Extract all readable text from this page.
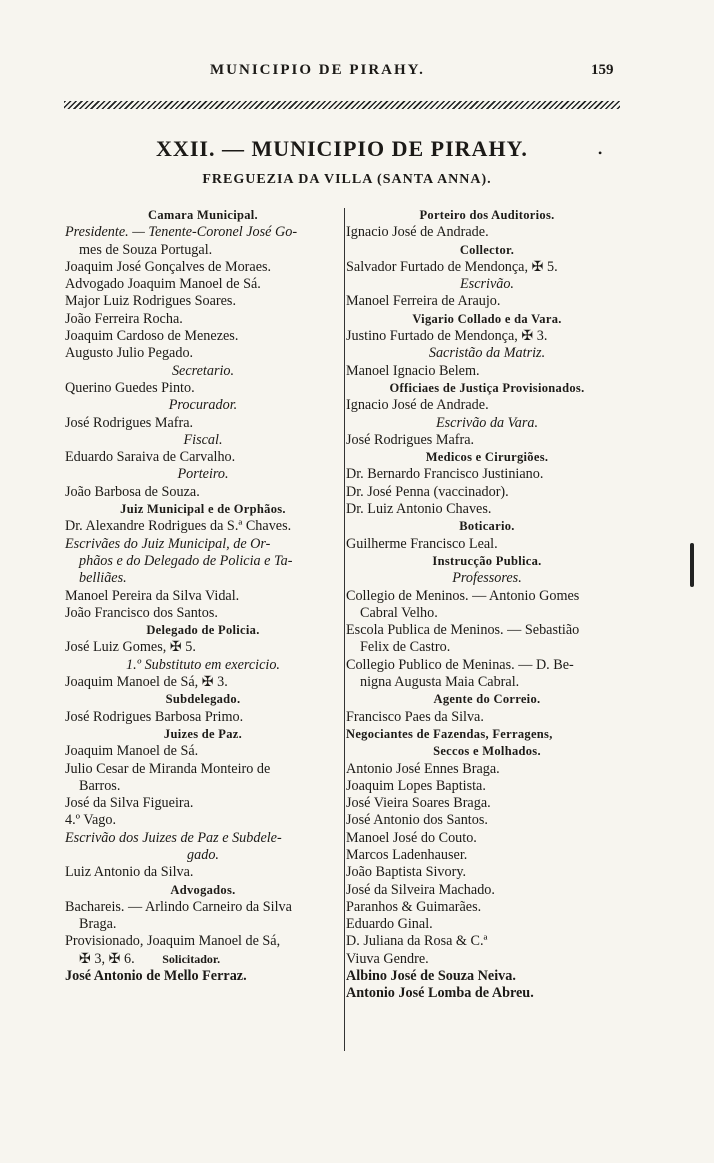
MUNICIPIO DE PIRAHY.	159
XXII. — MUNICIPIO DE PIRAHY.	•
FREGUEZIA DA VILLA (SANTA ANNA).
Camara Municipal.
Presidente. — Tenente-Coronel José Go-
mes de Souza Portugal.
Joaquim José Gonçalves de Moraes.
Advogado Joaquim Manoel de Sá.
Major Luiz Rodrigues Soares.
João Ferreira Rocha.
Joaquim Cardoso de Menezes.
Augusto Julio Pegado.
Secretario.
Querino Guedes Pinto.
Procurador.
José Rodrigues Mafra.
Fiscal.
Eduardo Saraiva de Carvalho.
Porteiro.
João Barbosa de Souza.
Juiz Municipal e de Orphãos.
Dr. Alexandre Rodrigues da S.ª Chaves.
Escrivães do Juiz Municipal, de Or-
phãos e do Delegado de Policia e Ta-
belliães.
Manoel Pereira da Silva Vidal.
João Francisco dos Santos.
Delegado de Policia.
José Luiz Gomes, ✠ 5.
1.º Substituto em exercicio.
Joaquim Manoel de Sá, ✠ 3.
Subdelegado.
José Rodrigues Barbosa Primo.
Juizes de Paz.
Joaquim Manoel de Sá.
Julio Cesar de Miranda Monteiro de
Barros.
José da Silva Figueira.
4.º Vago.
Escrivão dos Juizes de Paz e Subdele-
gado.
Luiz Antonio da Silva.
Advogados.
Bachareis. — Arlindo Carneiro da Silva
Braga.
Provisionado, Joaquim Manoel de Sá,
✠ 3, ✠ 6. Solicitador.
José Antonio de Mello Ferraz.
Porteiro dos Auditorios.
Ignacio José de Andrade.
Collector.
Salvador Furtado de Mendonça, ✠ 5.
Escrivão.
Manoel Ferreira de Araujo.
Vigario Collado e da Vara.
Justino Furtado de Mendonça, ✠ 3.
Sacristão da Matriz.
Manoel Ignacio Belem.
Officiaes de Justiça Provisionados.
Ignacio José de Andrade.
Escrivão da Vara.
José Rodrigues Mafra.
Medicos e Cirurgiões.
Dr. Bernardo Francisco Justiniano.
Dr. José Penna (vaccinador).
Dr. Luiz Antonio Chaves.
Boticario.
Guilherme Francisco Leal.
Instrucção Publica.
Professores.
Collegio de Meninos. — Antonio Gomes
Cabral Velho.
Escola Publica de Meninos. — Sebastião
Felix de Castro.
Collegio Publico de Meninas. — D. Be-
nigna Augusta Maia Cabral.
Agente do Correio.
Francisco Paes da Silva.
Negociantes de Fazendas, Ferragens,
Seccos e Molhados.
Antonio José Ennes Braga.
Joaquim Lopes Baptista.
José Vieira Soares Braga.
José Antonio dos Santos.
Manoel José do Couto.
Marcos Ladenhauser.
João Baptista Sivory.
José da Silveira Machado.
Paranhos & Guimarães.
Eduardo Ginal.
D. Juliana da Rosa & C.ª
Viuva Gendre.
Albino José de Souza Neiva.
Antonio José Lomba de Abreu.
